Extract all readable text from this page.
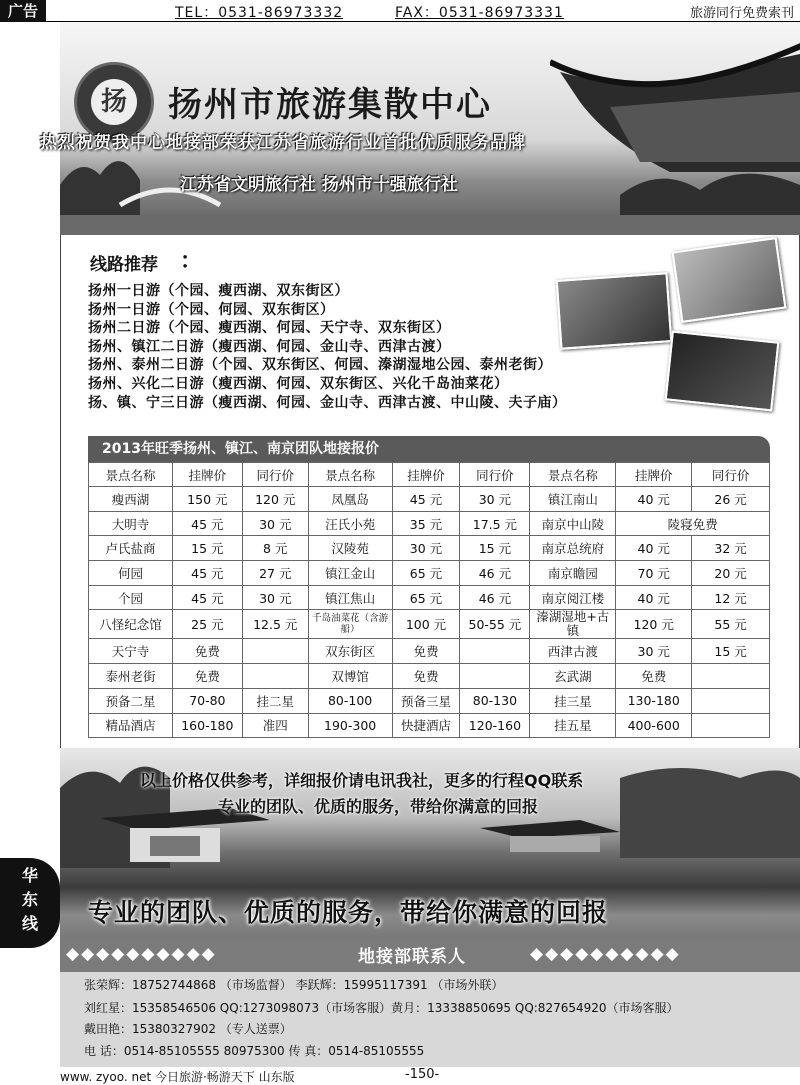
广告	TEL：0531-86973332	FAX：0531-86973331	旅游同行免费索刊
扬 扬州市旅游集散中心
热烈祝贺我中心地接部荣获江苏省旅游行业首批优质服务品牌
江苏省文明旅行社 扬州市十强旅行社
线路推荐 ：
扬州一日游（个园、瘦西湖、双东街区）
扬州一日游（个园、何园、双东街区）
扬州二日游（个园、瘦西湖、何园、天宁寺、双东街区）
扬州、镇江二日游（瘦西湖、何园、金山寺、西津古渡）
扬州、泰州二日游（个园、双东街区、何园、溱湖湿地公园、泰州老街）
扬州、兴化二日游（瘦西湖、何园、双东街区、兴化千岛油菜花）
扬、镇、宁三日游（瘦西湖、何园、金山寺、西津古渡、中山陵、夫子庙）
2013年旺季扬州、镇江、南京团队地接报价
景点名称	挂牌价	同行价	景点名称	挂牌价	同行价	景点名称	挂牌价	同行价
瘦西湖	150 元	120 元	凤凰岛	45 元	30 元	镇江南山	40 元	26 元
大明寺	45 元	30 元	汪氏小苑	35 元	17.5 元	南京中山陵	陵寝免费	
卢氏盐商	15 元	8 元	汉陵苑	30 元	15 元	南京总统府	40 元	32 元
何园	45 元	27 元	镇江金山	65 元	46 元	南京瞻园	70 元	20 元
个园	45 元	30 元	镇江焦山	65 元	46 元	南京阅江楼	40 元	12 元
八怪纪念馆	25 元	12.5 元	千岛油菜花（含游船）	100 元	50-55 元	溱湖湿地+古镇	120 元	55 元
天宁寺	免费		双东街区	免费		西津古渡	30 元	15 元
泰州老街	免费		双博馆	免费		玄武湖	免费	
预备二星	70-80	挂二星	80-100	预备三星	80-130	挂三星	130-180	
精品酒店	160-180	准四	190-300	快捷酒店	120-160	挂五星	400-600	
以上价格仅供参考，详细报价请电讯我社，更多的行程QQ联系
专业的团队、优质的服务，带给你满意的回报
专业的团队、优质的服务，带给你满意的回报
华
东
线
◆◆◆◆◆◆◆◆◆◆	◆◆◆◆◆◆◆◆◆◆
地接部联系人
张荣辉：18752744868 （市场监督） 李跃辉：15995117391 （市场外联）
刘红星：15358546506 QQ:1273098073（市场客服）黄月：13338850695 QQ:827654920（市场客服）
戴田艳：15380327902 （专人送票）
电 话：0514-85105555 80975300 传 真：0514-85105555
www. zyoo. net 今日旅游·畅游天下 山东版	-150-
